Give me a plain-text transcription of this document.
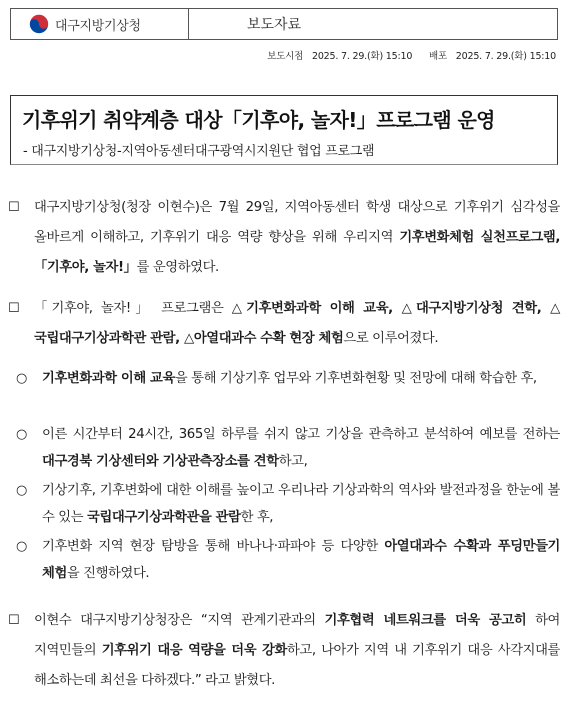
대구지방기상청	보도자료
보도시점 2025. 7. 29.(화) 15:10 배포 2025. 7. 29.(화) 15:10
기후위기 취약계층 대상「기후야, 놀자!」프로그램 운영
- 대구지방기상청-지역아동센터대구광역시지원단 협업 프로그램
☐ 대구지방기상청(청장 이현수)은 7월 29일, 지역아동센터 학생 대상으로 기후위기 심각성을 올바르게 이해하고, 기후위기 대응 역량 향상을 위해 우리지역 기후변화체험 실천프로그램,「기후야, 놀자!」를 운영하였다.
☐ 「기후야, 놀자!」 프로그램은 △기후변화과학 이해 교육, △대구지방기상청 견학, △국립대구기상과학관 관람, △아열대과수 수확 현장 체험으로 이루어졌다.
○ 기후변화과학 이해 교육을 통해 기상기후 업무와 기후변화현황 및 전망에 대해 학습한 후,
○ 이른 시간부터 24시간, 365일 하루를 쉬지 않고 기상을 관측하고 분석하여 예보를 전하는 대구경북 기상센터와 기상관측장소를 견학하고,
○ 기상기후, 기후변화에 대한 이해를 높이고 우리나라 기상과학의 역사와 발전과정을 한눈에 볼 수 있는 국립대구기상과학관을 관람한 후,
○ 기후변화 지역 현장 탐방을 통해 바나나·파파야 등 다양한 아열대과수 수확과 푸딩만들기 체험을 진행하였다.
☐ 이현수 대구지방기상청장은 “지역 관계기관과의 기후협력 네트워크를 더욱 공고히 하여 지역민들의 기후위기 대응 역량을 더욱 강화하고, 나아가 지역 내 기후위기 대응 사각지대를 해소하는데 최선을 다하겠다.” 라고 밝혔다.
